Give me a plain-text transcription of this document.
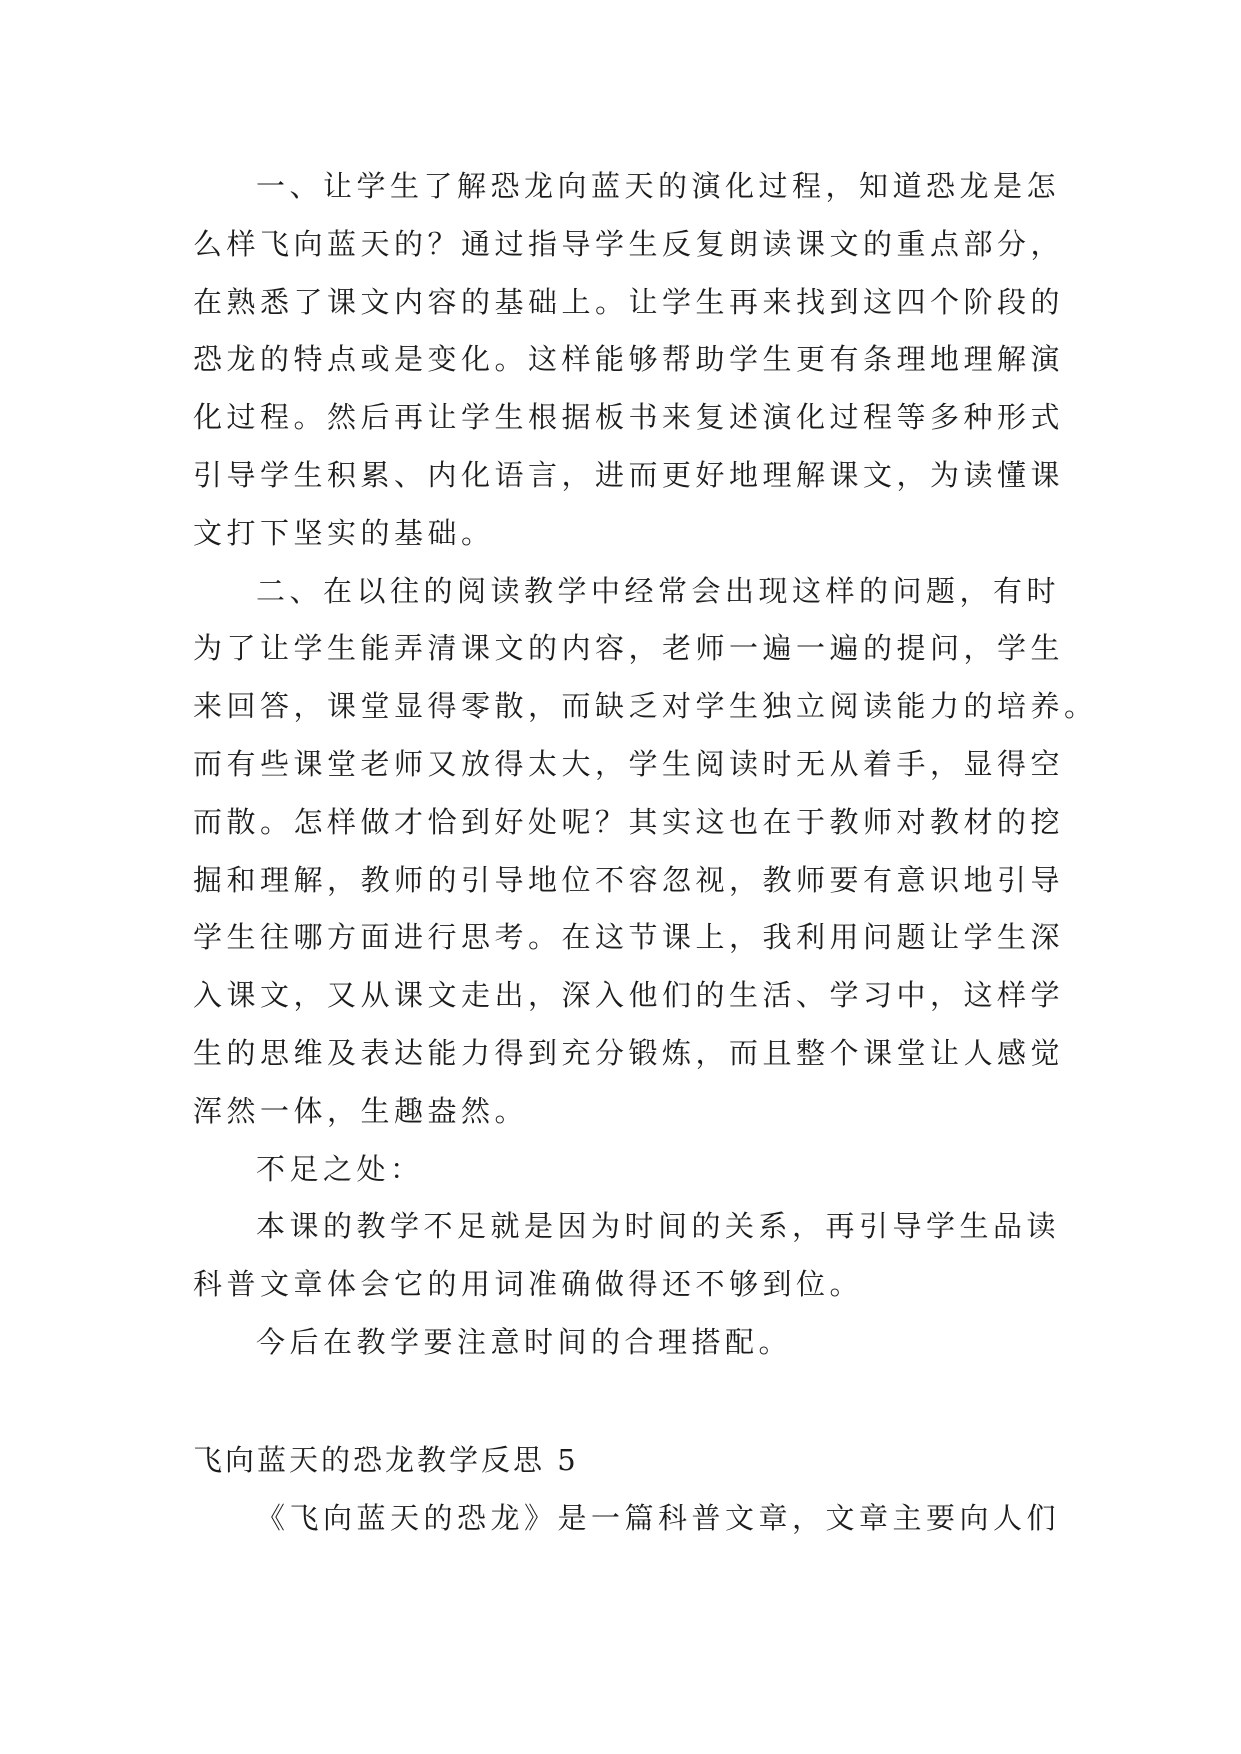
一、让学生了解恐龙向蓝天的演化过程，知道恐龙是怎
么样飞向蓝天的？通过指导学生反复朗读课文的重点部分，
在熟悉了课文内容的基础上。让学生再来找到这四个阶段的
恐龙的特点或是变化。这样能够帮助学生更有条理地理解演
化过程。然后再让学生根据板书来复述演化过程等多种形式
引导学生积累、内化语言，进而更好地理解课文，为读懂课
文打下坚实的基础。
二、在以往的阅读教学中经常会出现这样的问题，有时
为了让学生能弄清课文的内容，老师一遍一遍的提问，学生
来回答，课堂显得零散，而缺乏对学生独立阅读能力的培养。
而有些课堂老师又放得太大，学生阅读时无从着手，显得空
而散。怎样做才恰到好处呢？其实这也在于教师对教材的挖
掘和理解，教师的引导地位不容忽视，教师要有意识地引导
学生往哪方面进行思考。在这节课上，我利用问题让学生深
入课文，又从课文走出，深入他们的生活、学习中，这样学
生的思维及表达能力得到充分锻炼，而且整个课堂让人感觉
浑然一体，生趣盎然。
不足之处：
本课的教学不足就是因为时间的关系，再引导学生品读
科普文章体会它的用词准确做得还不够到位。
今后在教学要注意时间的合理搭配。
飞向蓝天的恐龙教学反思 5
《飞向蓝天的恐龙》是一篇科普文章，文章主要向人们
